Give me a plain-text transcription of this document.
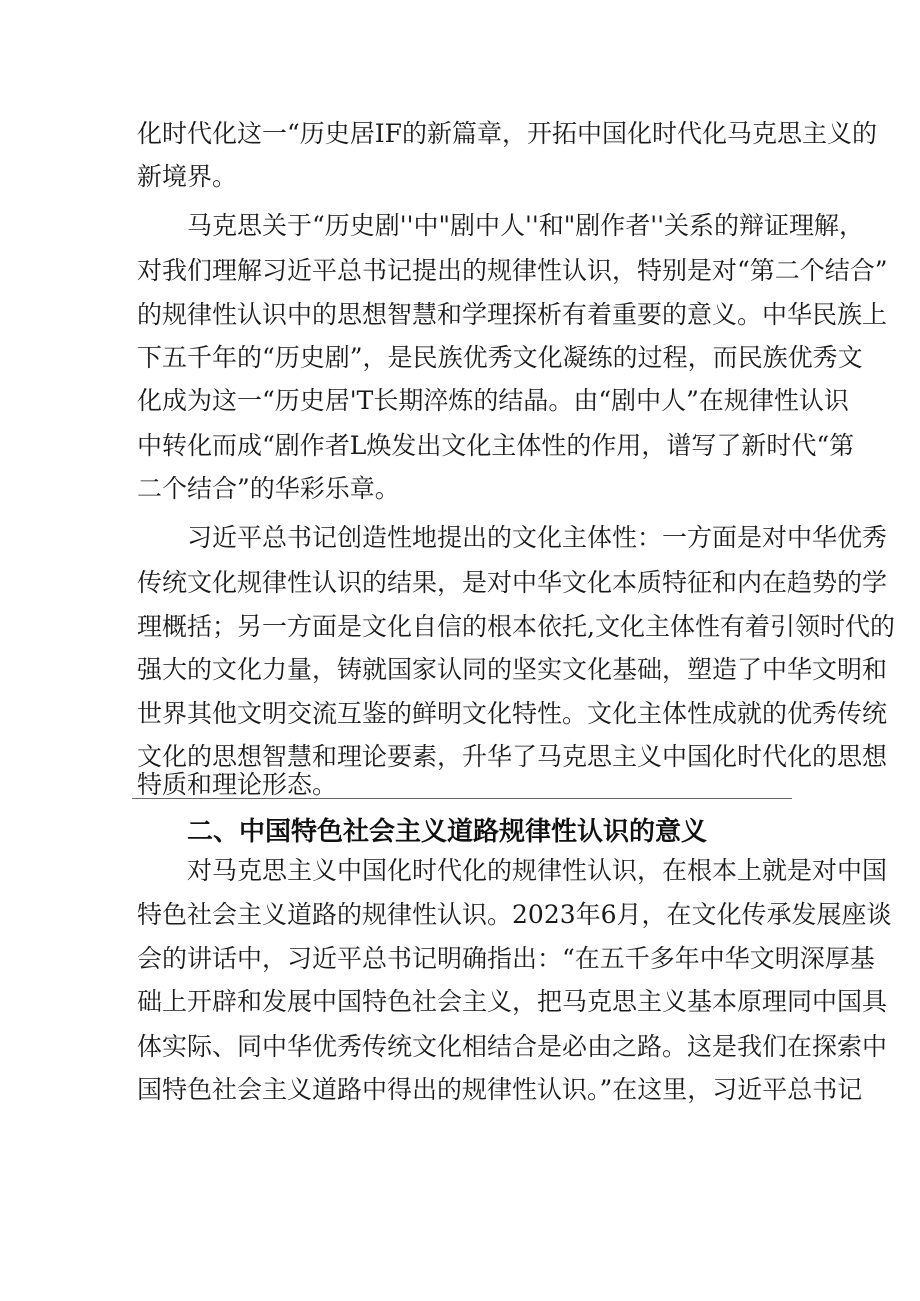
化时代化这一“历史居IF的新篇章，开拓中国化时代化马克思主义的
新境界。
马克思关于“历史剧''中"剧中人''和"剧作者''关系的辩证理解，
对我们理解习近平总书记提出的规律性认识，特别是对“第二个结合”
的规律性认识中的思想智慧和学理探析有着重要的意义。中华民族上
下五千年的“历史剧”，是民族优秀文化凝练的过程，而民族优秀文
化成为这一“历史居'T长期淬炼的结晶。由“剧中人”在规律性认识
中转化而成“剧作者L焕发出文化主体性的作用，谱写了新时代“第
二个结合”的华彩乐章。
习近平总书记创造性地提出的文化主体性：一方面是对中华优秀
传统文化规律性认识的结果，是对中华文化本质特征和内在趋势的学
理概括；另一方面是文化自信的根本依托,文化主体性有着引领时代的
强大的文化力量，铸就国家认同的坚实文化基础，塑造了中华文明和
世界其他文明交流互鉴的鲜明文化特性。文化主体性成就的优秀传统
文化的思想智慧和理论要素，升华了马克思主义中国化时代化的思想
特质和理论形态。
二、中国特色社会主义道路规律性认识的意义
对马克思主义中国化时代化的规律性认识，在根本上就是对中国
特色社会主义道路的规律性认识。2023年6月，在文化传承发展座谈
会的讲话中，习近平总书记明确指出：“在五千多年中华文明深厚基
础上开辟和发展中国特色社会主义，把马克思主义基本原理同中国具
体实际、同中华优秀传统文化相结合是必由之路。这是我们在探索中
国特色社会主义道路中得出的规律性认识。”在这里，习近平总书记
